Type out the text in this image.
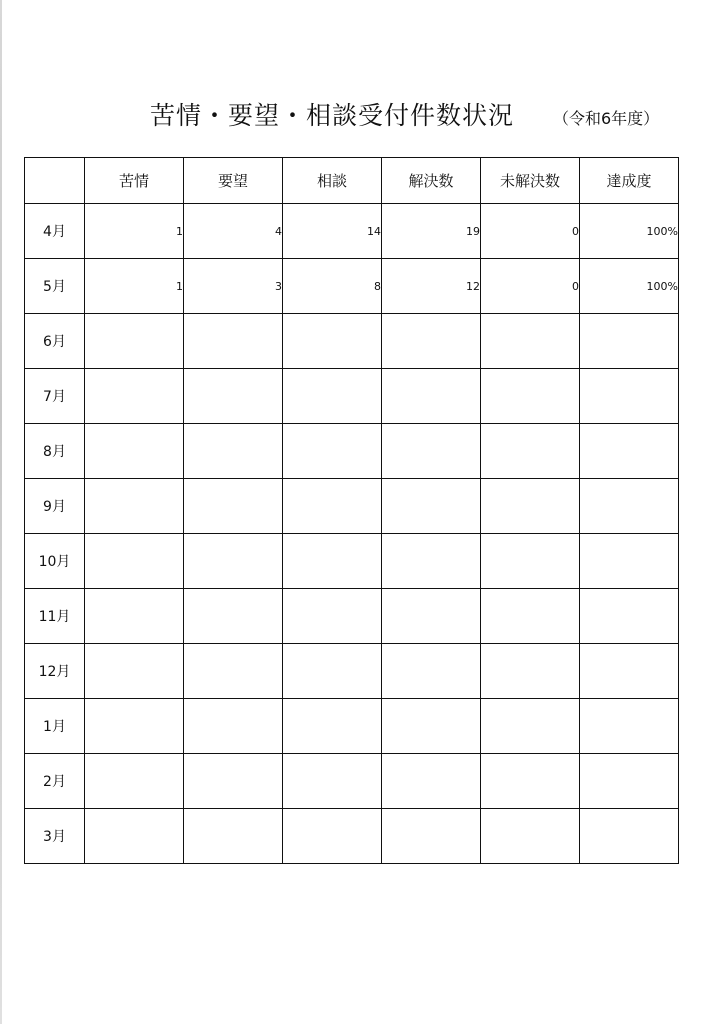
苦情・要望・相談受付件数状況 （令和6年度）
	苦情	要望	相談	解決数	未解決数	達成度
4月	1	4	14	19	0	100%
5月	1	3	8	12	0	100%
6月						
7月						
8月						
9月						
10月						
11月						
12月						
1月						
2月						
3月						
